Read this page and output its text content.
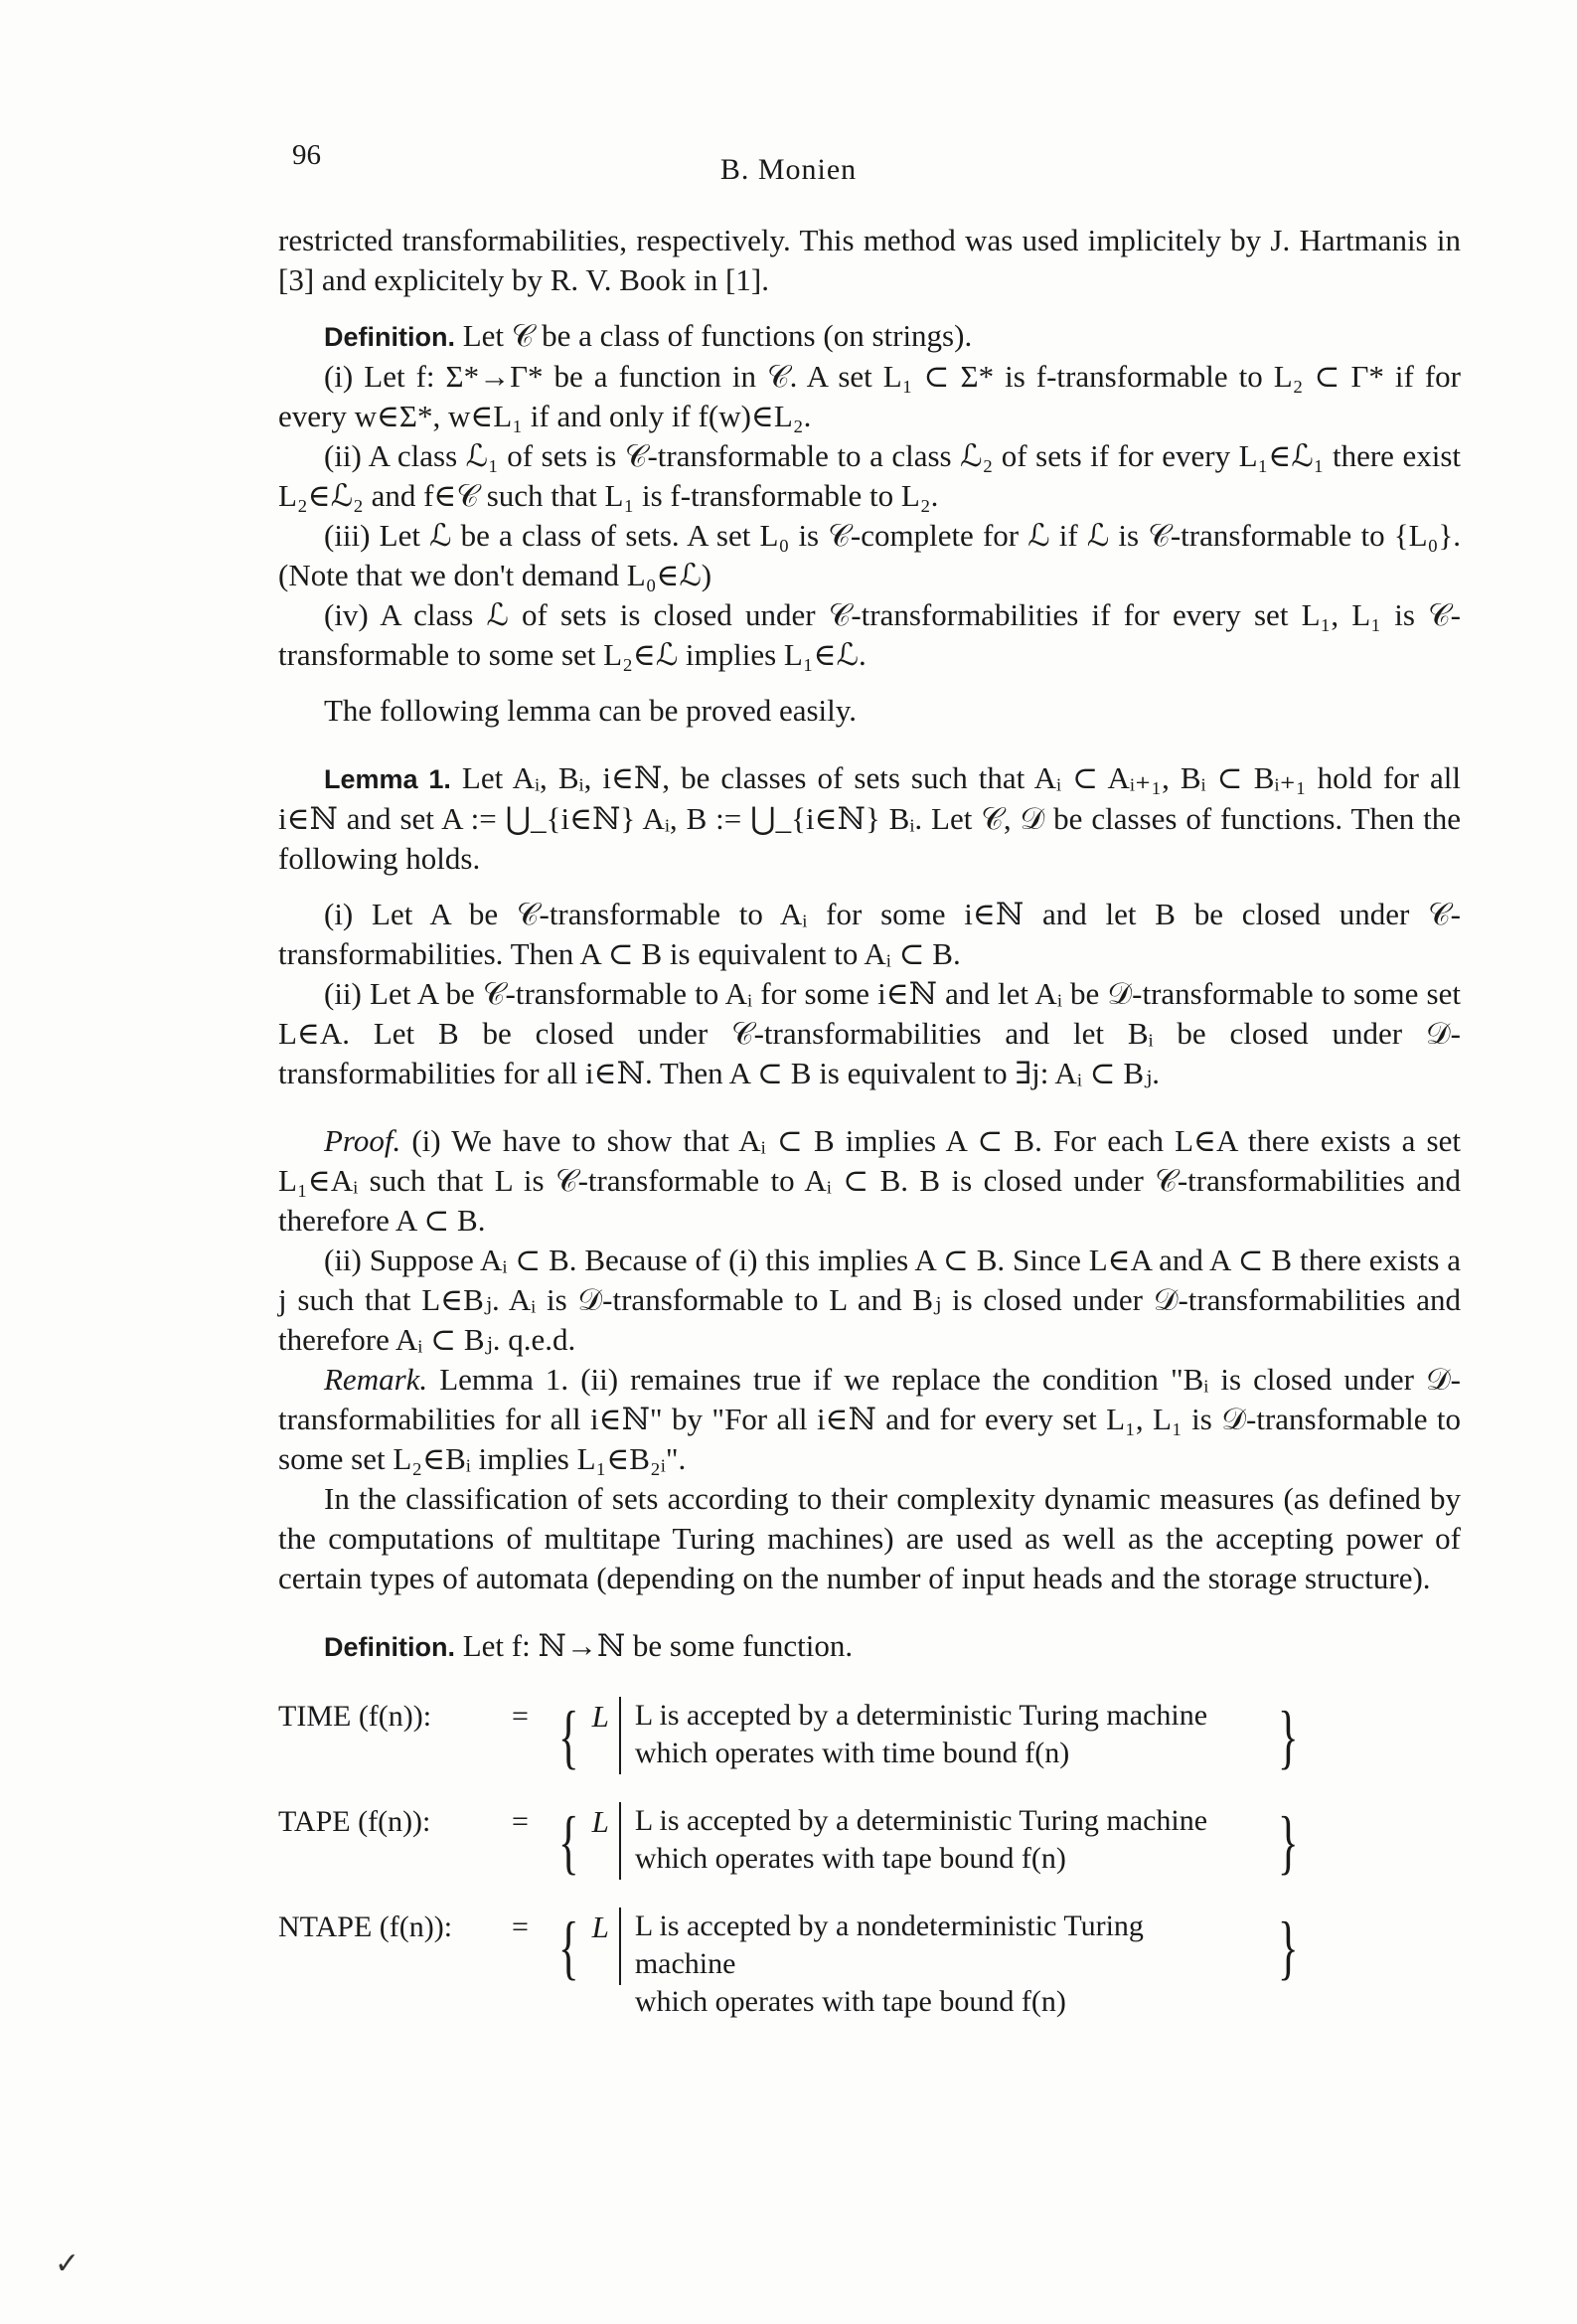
96	B. Monien

restricted transformabilities, respectively. This method was used implicitely by J. Hartmanis in [3] and explicitely by R. V. Book in [1].

Definition. Let 𝒞 be a class of functions (on strings).

(i) Let f: Σ*→Γ* be a function in 𝒞. A set L₁ ⊂ Σ* is f-transformable to L₂ ⊂ Γ* if for every w∈Σ*, w∈L₁ if and only if f(w)∈L₂.

(ii) A class ℒ₁ of sets is 𝒞-transformable to a class ℒ₂ of sets if for every L₁∈ℒ₁ there exist L₂∈ℒ₂ and f∈𝒞 such that L₁ is f-transformable to L₂.

(iii) Let ℒ be a class of sets. A set L₀ is 𝒞-complete for ℒ if ℒ is 𝒞-transformable to {L₀}. (Note that we don't demand L₀∈ℒ)

(iv) A class ℒ of sets is closed under 𝒞-transformabilities if for every set L₁, L₁ is 𝒞-transformable to some set L₂∈ℒ implies L₁∈ℒ.

The following lemma can be proved easily.

Lemma 1. Let Aᵢ, Bᵢ, i∈ℕ, be classes of sets such that Aᵢ ⊂ Aᵢ₊₁, Bᵢ ⊂ Bᵢ₊₁ hold for all i∈ℕ and set A := ⋃_{i∈ℕ} Aᵢ, B := ⋃_{i∈ℕ} Bᵢ. Let 𝒞, 𝒟 be classes of functions. Then the following holds.

(i) Let A be 𝒞-transformable to Aᵢ for some i∈ℕ and let B be closed under 𝒞-transformabilities. Then A ⊂ B is equivalent to Aᵢ ⊂ B.

(ii) Let A be 𝒞-transformable to Aᵢ for some i∈ℕ and let Aᵢ be 𝒟-transformable to some set L∈A. Let B be closed under 𝒞-transformabilities and let Bᵢ be closed under 𝒟-transformabilities for all i∈ℕ. Then A ⊂ B is equivalent to ∃j: Aᵢ ⊂ Bⱼ.

Proof. (i) We have to show that Aᵢ ⊂ B implies A ⊂ B. For each L∈A there exists a set L₁∈Aᵢ such that L is 𝒞-transformable to Aᵢ ⊂ B. B is closed under 𝒞-transformabilities and therefore A ⊂ B.

(ii) Suppose Aᵢ ⊂ B. Because of (i) this implies A ⊂ B. Since L∈A and A ⊂ B there exists a j such that L∈Bⱼ. Aᵢ is 𝒟-transformable to L and Bⱼ is closed under 𝒟-transformabilities and therefore Aᵢ ⊂ Bⱼ. q.e.d.

Remark. Lemma 1. (ii) remaines true if we replace the condition "Bᵢ is closed under 𝒟-transformabilities for all i∈ℕ" by "For all i∈ℕ and for every set L₁, L₁ is 𝒟-transformable to some set L₂∈Bᵢ implies L₁∈B₂ᵢ".

In the classification of sets according to their complexity dynamic measures (as defined by the computations of multitape Turing machines) are used as well as the accepting power of certain types of automata (depending on the number of input heads and the storage structure).

Definition. Let f: ℕ→ℕ be some function.

TIME (f(n)):	= { L L is accepted by a deterministic Turing machine
which operates with time bound f(n)	}
TAPE (f(n)):	= { L L is accepted by a deterministic Turing machine
which operates with tape bound f(n)	}
NTAPE (f(n)):	= { L L is accepted by a nondeterministic Turing machine
which operates with tape bound f(n)
}
✓
